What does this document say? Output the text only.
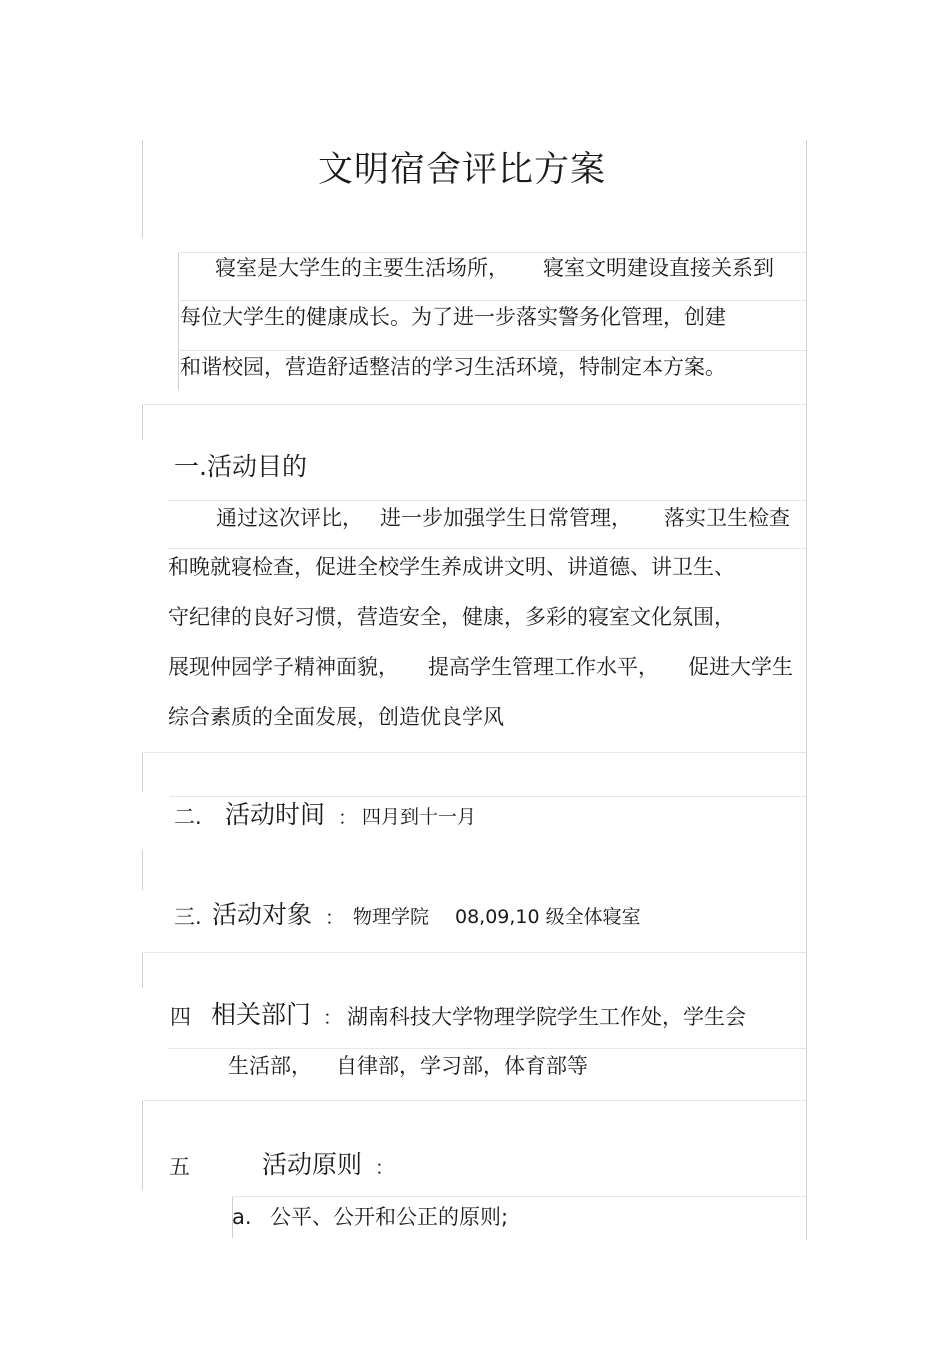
文明宿舍评比方案
寝室是大学生的主要生活场所， 寝室文明建设直接关系到
每位大学生的健康成长。为了进一步落实警务化管理，创建
和谐校园，营造舒适整洁的学习生活环境，特制定本方案。
一.活动目的
通过这次评比， 进一步加强学生日常管理， 落实卫生检查
和晚就寝检查，促进全校学生养成讲文明、讲道德、讲卫生、
守纪律的良好习惯，营造安全，健康，多彩的寝室文化氛围，
展现仲园学子精神面貌， 提高学生管理工作水平， 促进大学生
综合素质的全面发展，创造优良学风
二. 活动时间 ： 四月到十一月
三. 活动对象 ： 物理学院 08,09,10 级全体寝室
四 相关部门 ： 湖南科技大学物理学院学生工作处，学生会
生活部， 自律部，学习部，体育部等
五	活动原则 ：
a. 公平、公开和公正的原则;
